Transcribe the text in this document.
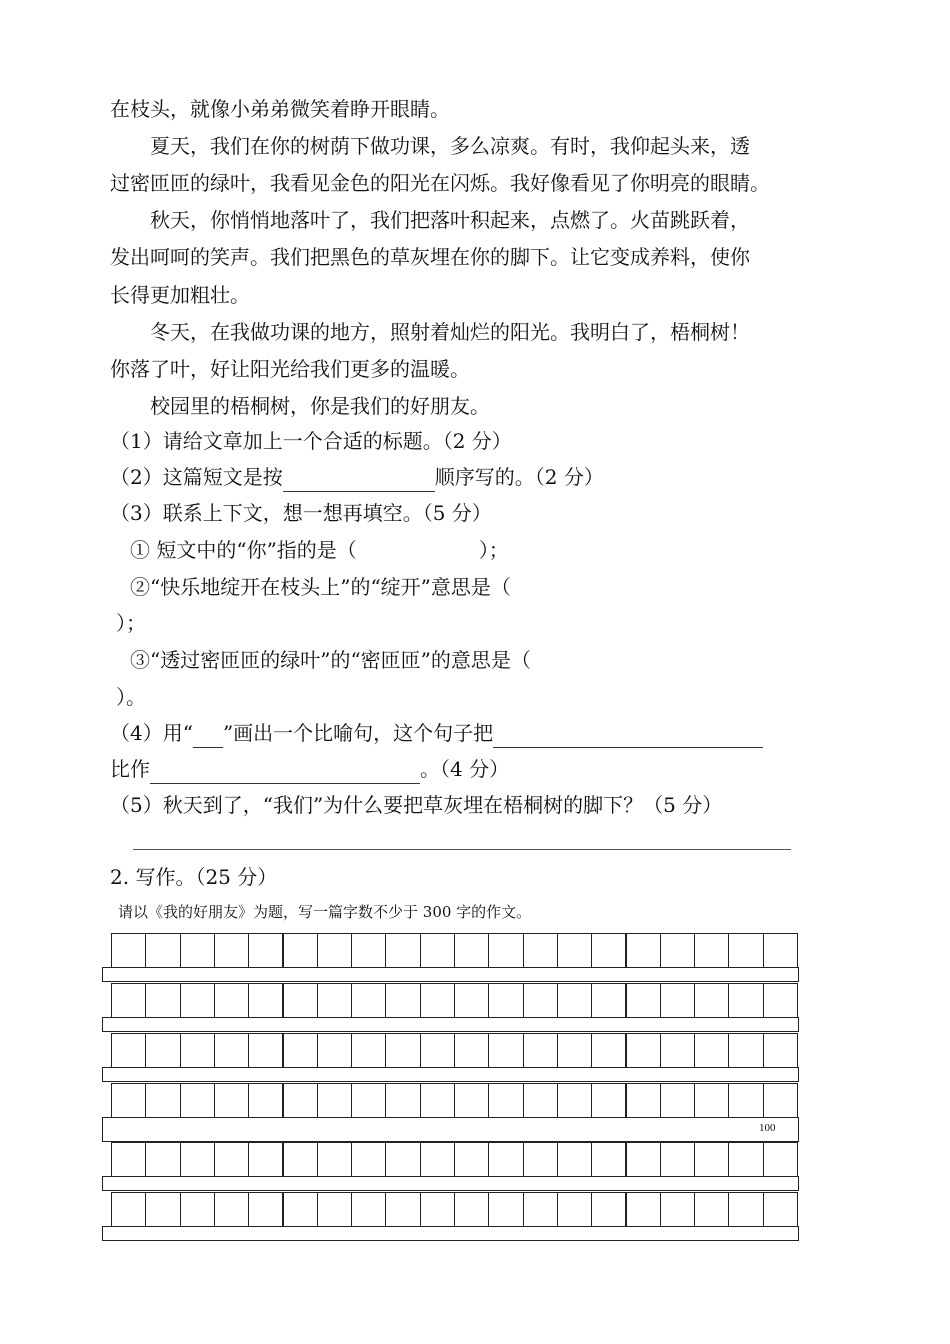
在枝头，就像小弟弟微笑着睁开眼睛。
　　夏天，我们在你的树荫下做功课，多么凉爽。有时，我仰起头来，透
过密匝匝的绿叶，我看见金色的阳光在闪烁。我好像看见了你明亮的眼睛。
　　秋天，你悄悄地落叶了，我们把落叶积起来，点燃了。火苗跳跃着，
发出呵呵的笑声。我们把黑色的草灰埋在你的脚下。让它变成养料，使你
长得更加粗壮。
　　冬天，在我做功课的地方，照射着灿烂的阳光。我明白了，梧桐树！
你落了叶，好让阳光给我们更多的温暖。
　　校园里的梧桐树，你是我们的好朋友。
（1）请给文章加上一个合适的标题。（2 分）
（2）这篇短文是按	顺序写的。（2 分）
（3）联系上下文，想一想再填空。（5 分）
① 短文中的“你”指的是（	）；
②“快乐地绽开在枝头上”的“绽开”意思是（
）；
③“透过密匝匝的绿叶”的“密匝匝”的意思是（
）。
（4）用“ ”画出一个比喻句，这个句子把
比作	。（4 分）
（5）秋天到了，“我们”为什么要把草灰埋在梧桐树的脚下？（5 分）
2. 写作。（25 分）
请以《我的好朋友》为题，写一篇字数不少于 300 字的作文。
100
